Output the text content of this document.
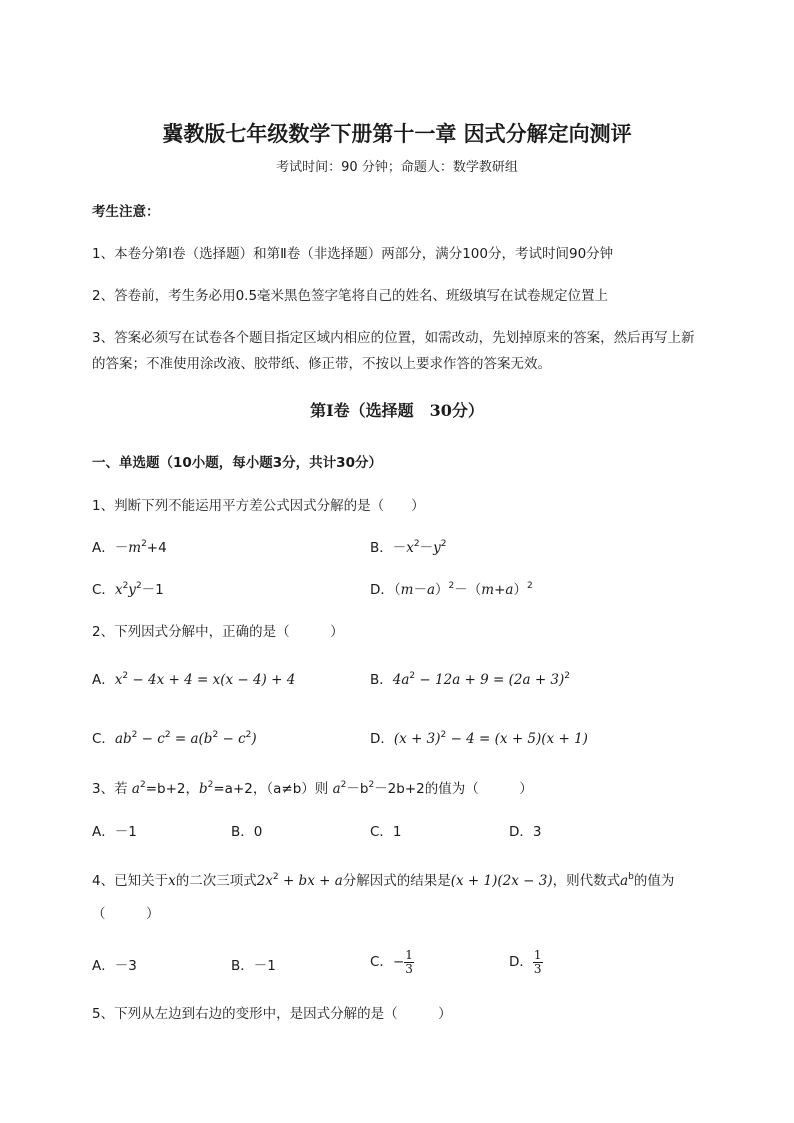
冀教版七年级数学下册第十一章 因式分解定向测评
考试时间：90 分钟；命题人：数学教研组
考生注意：
1、本卷分第Ⅰ卷（选择题）和第Ⅱ卷（非选择题）两部分，满分100分，考试时间90分钟
2、答卷前，考生务必用0.5毫米黑色签字笔将自己的姓名、班级填写在试卷规定位置上
3、答案必须写在试卷各个题目指定区域内相应的位置，如需改动，先划掉原来的答案，然后再写上新
的答案；不准使用涂改液、胶带纸、修正带，不按以上要求作答的答案无效。
第Ⅰ卷（选择题　30分）
一、单选题（10小题，每小题3分，共计30分）
1、判断下列不能运用平方差公式因式分解的是（　　）
A．$-m^2+4$	B．$-x^2-y^2$
C．$x^2y^2-1$	D．$(m-a)^2-(m+a)^2$
2、下列因式分解中，正确的是（　　　）
A．$x^2 - 4x + 4 = x(x - 4) + 4$	B．$4a^2 - 12a + 9 = (2a + 3)^2$
C．$ab^2 - c^2 = a(b^2 - c^2)$	D．$(x + 3)^2 - 4 = (x + 5)(x + 1)$
3、若 $a^2=b+2$，$b^2=a+2$，（a≠b）则 $a^2-b^2-2b+2$的值为（　　　）
A．－1	B．0	C．1	D．3
4、已知关于x的二次三项式$2x^2$ + bx + a分解因式的结果是(x + 1)(2x − 3)，则代数式$a^b$的值为
（　　　）
A．－3	B．－1	C．− $\frac{1}{3}$	D． $\frac{1}{3}$
5、下列从左边到右边的变形中，是因式分解的是（　　　）
